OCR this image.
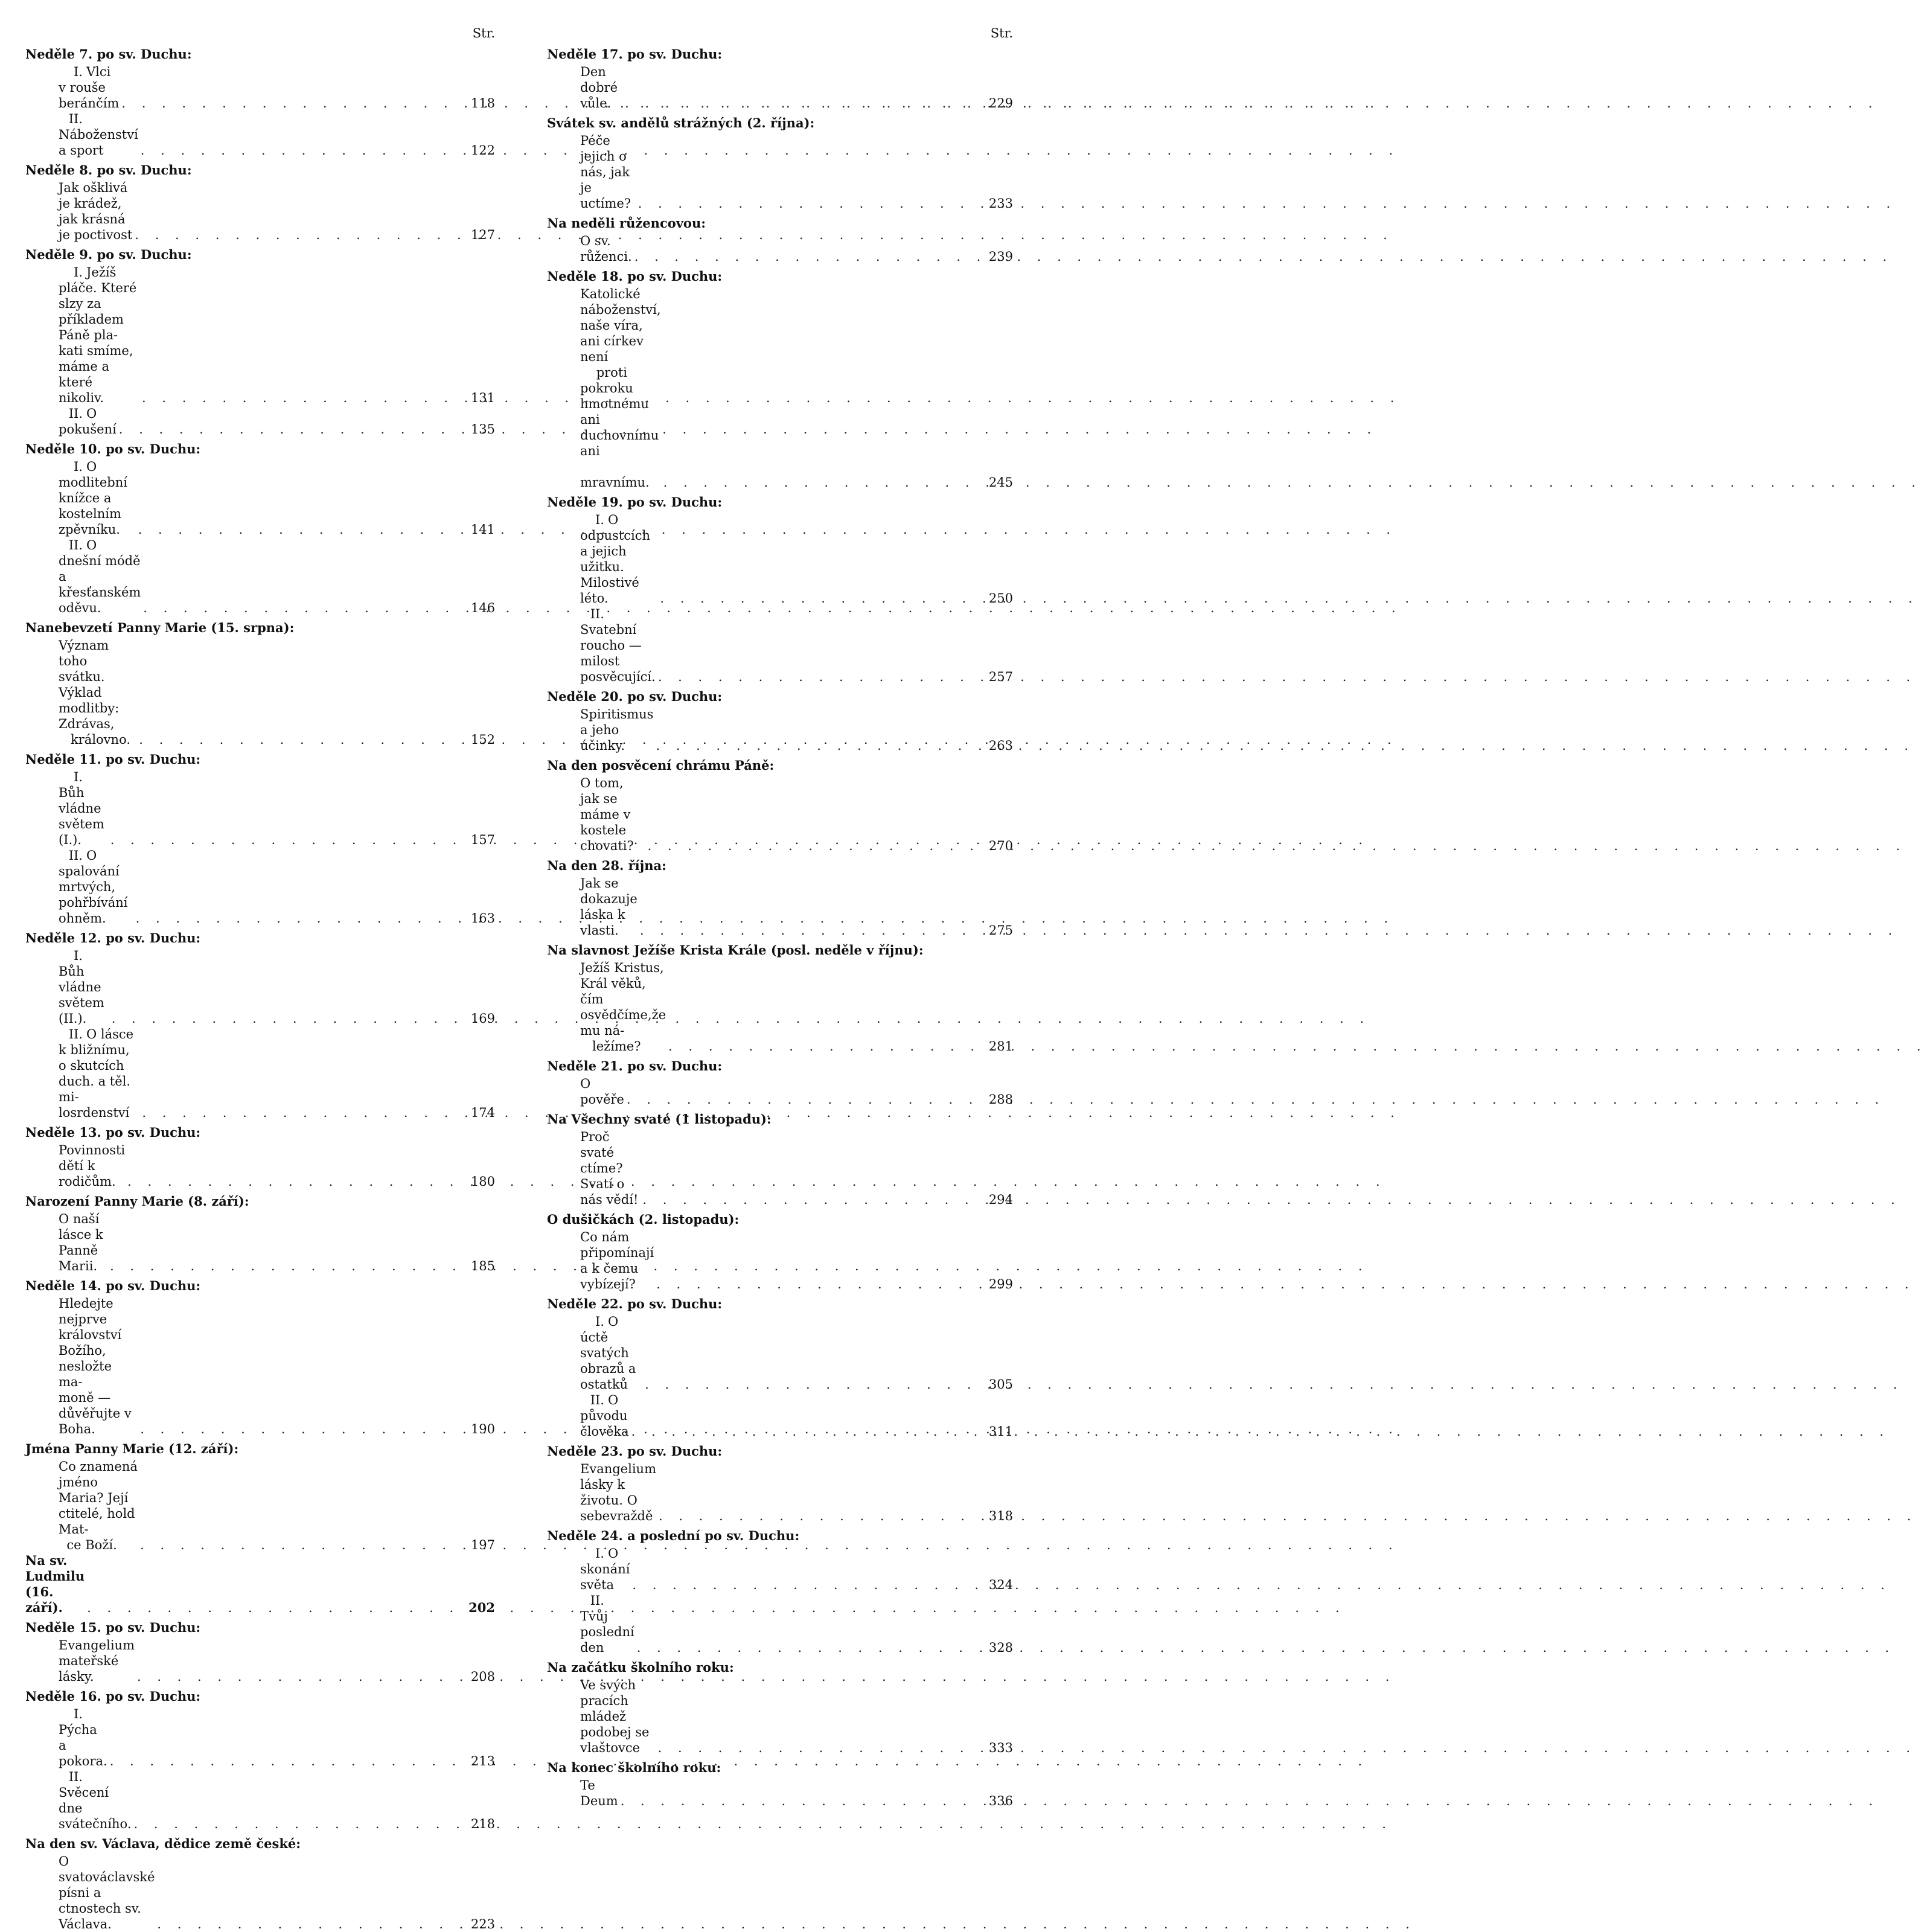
Str.
Neděle 7. po sv. Duchu:
I. Vlci v rouše beránčím . . .	118
II.Náboženství a sport . . .	122
Neděle 8. po sv. Duchu:
Jak ošklivá je krádež, jak krásná je poctivost . . .	127
Neděle 9. po sv. Duchu:
I. Ježíš pláče. Které slzy za příkladem Páně pla-
kati smíme, máme a které nikoliv. . . .	131
II. O pokušení . . .	135
Neděle 10. po sv. Duchu:
I. O modlitební knížce a kostelním zpěvníku. . . .	141
II. O dnešní módě a křesťanském oděvu. . . .	146
Nanebevzetí Panny Marie (15. srpna):
Význam toho svátku. Výklad modlitby: Zdrávas,
královno. . . .	152
Neděle 11. po sv. Duchu:
I.Bůh vládne světem (I.). . . .	157
II. O spalování mrtvých, pohřbívání ohněm. . . .	163
Neděle 12. po sv. Duchu:
I.Bůh vládne světem (II.). . . .	169
II. O lásce k bližnímu, o skutcích duch. a těl. mi-
losrdenství . . .	174
Neděle 13. po sv. Duchu:
Povinnosti dětí k rodičům. . . .	180
Narození Panny Marie (8. září):
O naší lásce k Panně Marii. . . .	185
Neděle 14. po sv. Duchu:
Hledejte nejprve království Božího, nesložte ma-
moně — důvěřujte v Boha. . . .	190
Jména Panny Marie (12. září):
Co znamená jméno Maria? Její ctitelé, hold Mat-
ce Boží. . . .	197
Na sv. Ludmilu (16. září). . . .	202
Neděle 15. po sv. Duchu:
Evangelium mateřské lásky. . . .	208
Neděle 16. po sv. Duchu:
I.Pýcha a pokora. . . .	213
II.Svěcení dne svátečního. . . .	218
Na den sv. Václava, dědice země české:
O svatováclavské písni a ctnostech sv. Václava. . . .	223
Str.
Neděle 17. po sv. Duchu:
Den dobré vůle. . . .	229
Svátek sv. andělů strážných (2. října):
Péče jejich o nás, jak je uctíme? . . .	233
Na neděli růžencovou:
O sv. růženci. . . .	239
Neděle 18. po sv. Duchu:
Katolické náboženství, naše víra, ani církev není
proti pokroku hmotnému ani duchovnímu ani
mravnímu. . . .	245
Neděle 19. po sv. Duchu:
I. O odpustcích a jejich užitku. Milostivé léto. . . .	250
II.Svatební roucho — milost posvěcující. . . .	257
Neděle 20. po sv. Duchu:
Spiritismus a jeho účinky. . . .	263
Na den posvěcení chrámu Páně:
O tom, jak se máme v kostele chovati? . . .	270
Na den 28. října:
Jak se dokazuje láska k vlasti. . . .	275
Na slavnost Ježíše Krista Krále (posl. neděle v říjnu):
Ježíš Kristus, Král věků, čím osvědčíme,že mu ná-
ležíme? . . .	281
Neděle 21. po sv. Duchu:
O pověře . . .	288
Na Všechny svaté (1 listopadu):
Proč svaté ctíme? Svatí o nás vědí! . . .	294
O dušičkách (2. listopadu):
Co nám připomínají a k čemu vybízejí? . . .	299
Neděle 22. po sv. Duchu:
I. O úctě svatých obrazů a ostatků . . .	305
II. O původu člověka . . .	311
Neděle 23. po sv. Duchu:
Evangelium lásky k životu. O sebevraždě . . .	318
Neděle 24. a poslední po sv. Duchu:
I. O skonání světa . . .	324
II.Tvůj poslední den . . .	328
Na začátku školního roku:
Ve svých pracích mládež podobej se vlaštovce . . .	333
Na konec školního roku:
Te Deum . . .	336
